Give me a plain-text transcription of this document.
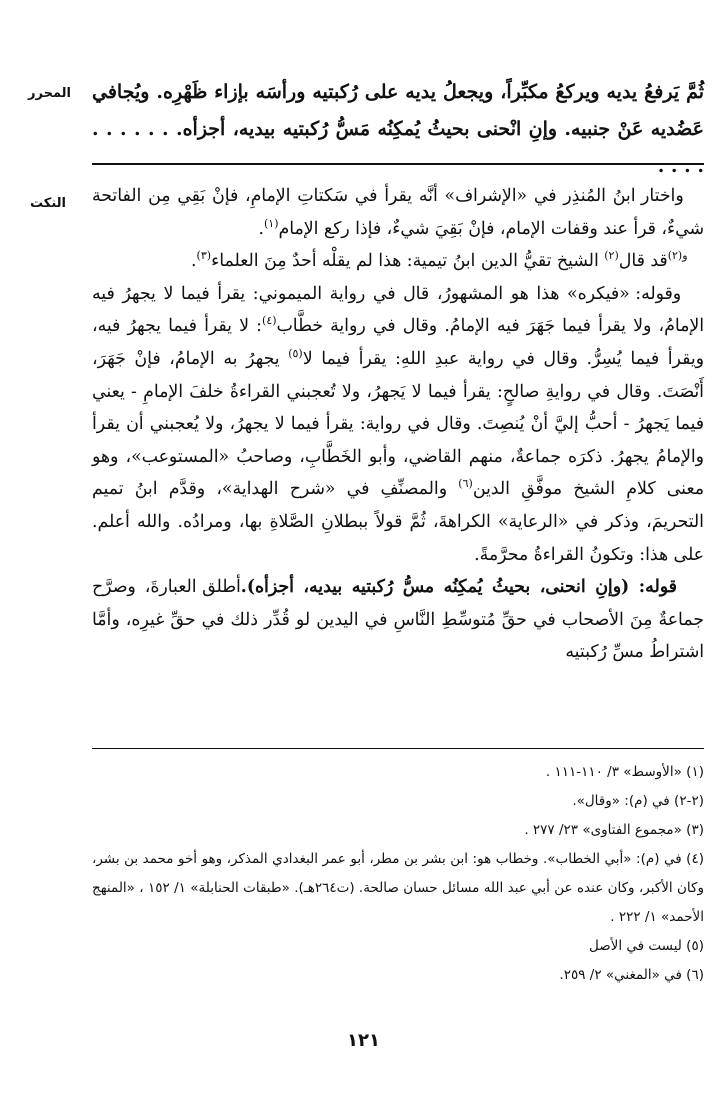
المحرر	ثُمَّ يَرفعُ يديه ويركعُ مكبِّراً، ويجعلُ يديه على رُكبتيه ورأسَه بإزاء ظَهْرِه. ويُجافي عَضُديه عَنْ جنبيه. وإنِ انْحنى بحيثُ يُمكِنُه مَسُّ رُكبتيه بيديه، أجزأه. . . . . . . . . . .
النكت	واختار ابنُ المُنذِر في «الإشراف» أنَّه يقرأ في سَكتاتِ الإمامِ، فإنْ بَقِي مِن الفاتحة شيءٌ، قرأ عند وقفات الإمام، فإنْ بَقِيَ شيءٌ، فإذا ركع الإمام$^{(١)}$.

$^{و(٢)}$قد قال$^{(٢)}$ الشيخ تقيُّ الدين ابنُ تيمية: هذا لم يقلْه أحدٌ مِنَ العلماء$^{(٣)}$.

وقوله: «فيكره» هذا هو المشهورُ، قال في رواية الميموني: يقرأ فيما لا يجهرُ فيه الإمامُ، ولا يقرأ فيما جَهَرَ فيه الإمامُ. وقال في رواية خطَّاب$^{(٤)}$: لا يقرأ فيما يجهرُ فيه، ويقرأ فيما يُسِرُّ. وقال في رواية عبدِ اللهِ: يقرأ فيما لا$^{(٥)}$ يجهرُ به الإمامُ، فإنْ جَهَرَ، أَنْصَتَ. وقال في روايةِ صالحٍ: يقرأ فيما لا يَجهرُ، ولا تُعجبني القراءةُ خلفَ الإمامِ - يعني فيما يَجهرُ - أحبُّ إليَّ أنْ يُنصِتَ. وقال في رواية: يقرأ فيما لا يجهرُ، ولا يُعجبني أن يقرأ والإمامُ يجهرُ. ذكرَه جماعةٌ، منهم القاضي، وأبو الخَطَّابِ، وصاحبُ «المستوعب»، وهو معنى كلامِ الشيخ موفَّقِ الدين$^{(٦)}$ والمصنِّفِ في «شرح الهداية»، وقدَّم ابنُ تميم التحريمَ، وذكر في «الرعاية» الكراهةَ، ثُمَّ قولاً ببطلانِ الصَّلاةِ بها، ومرادُه. والله أعلم. على هذا: وتكونُ القراءةُ محرَّمةً.

قوله: (وإنِ انحنى، بحيثُ يُمكِنُه مسُّ رُكبتيه بيديه، أجزأه).أطلق العبارةَ، وصرَّح جماعةٌ مِنَ الأصحاب في حقِّ مُتوسِّطِ النَّاسِ في اليدين لو قُدِّر ذلك في حقِّ غيرِه، وأمَّا اشتراطُ مسِّ رُكبتيه

(١) «الأوسط» ٣/ ١١٠-١١١ .

(٢-٢) في (م): «وقال».

(٣) «مجموع الفتاوى» ٢٣/ ٢٧٧ .

(٤) في (م): «أبي الخطاب». وخطاب هو: ابن بشر بن مطر، أبو عمر البغدادي المذكر، وهو أخو محمد بن بشر، وكان الأكبر، وكان عنده عن أبي عبد الله مسائل حسان صالحة. (ت٢٦٤هـ). «طبقات الحنابلة» ١/ ١٥٢ ، «المنهج الأحمد» ١/ ٢٢٢ .

(٥) ليست في الأصل

(٦) في «المغني» ٢/ ٢٥٩.

١٢١
